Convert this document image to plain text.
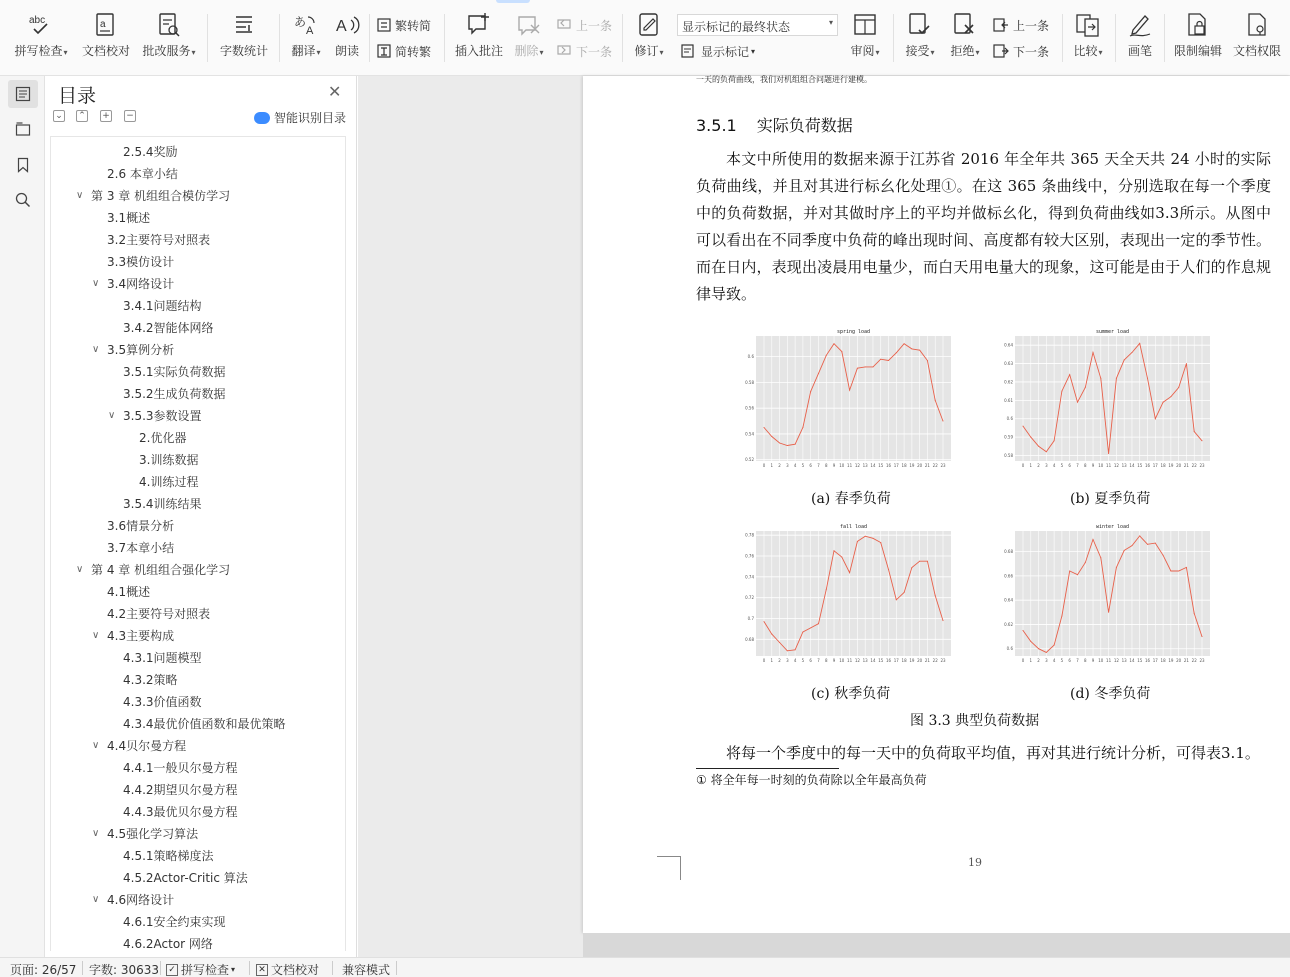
abc
拼写检查▾
a
文档校对 批改服务▾ 字数统计
あ
A
翻译▾
A
朗读
繁转简
简转繁 插入批注 删除▾
上一条
下一条 修订▾
显示标记的最终状态	▾
显示标记 ▾	审阅▾ 接受▾ 拒绝▾
上一条
下一条 比较▾ 画笔 限制编辑 文档权限
目录	✕
⌄ ⌃ + −	智能识别目录
2.5.4奖励
2.6 本章小结
∨ 第 3 章 机组组合模仿学习
3.1概述
3.2主要符号对照表
3.3模仿设计
∨ 3.4网络设计
3.4.1问题结构
3.4.2智能体网络
∨ 3.5算例分析
3.5.1实际负荷数据
3.5.2生成负荷数据
∨ 3.5.3参数设置
2.优化器
3.训练数据
4.训练过程
3.5.4训练结果
3.6情景分析
3.7本章小结
∨ 第 4 章 机组组合强化学习
4.1概述
4.2主要符号对照表
∨ 4.3主要构成
4.3.1问题模型
4.3.2策略
4.3.3价值函数
4.3.4最优价值函数和最优策略
∨ 4.4贝尔曼方程
4.4.1一般贝尔曼方程
4.4.2期望贝尔曼方程
4.4.3最优贝尔曼方程
∨ 4.5强化学习算法
4.5.1策略梯度法
4.5.2Actor-Critic 算法
∨ 4.6网络设计
4.6.1安全约束实现
4.6.2Actor 网络
一天的负荷曲线，我们对机组组合问题进行建模。
3.5.1 实际负荷数据
本文中所使用的数据来源于江苏省 2016 年全年共 365 天全天共 24 小时的实际负荷曲线，并且对其进行标幺化处理①。在这 365 条曲线中，分别选取在每一个季度中的负荷数据，并对其做时序上的平均并做标幺化，得到负荷曲线如3.3所示。从图中可以看出在不同季度中负荷的峰出现时间、高度都有较大区别，表现出一定的季节性。而在日内，表现出凌晨用电量少，而白天用电量大的现象，这可能是由于人们的作息规律导致。
0.52
0.54
0.56
0.58
0.6
0 1 2 3 4 5 6 7 8 9 10 11 12 13 14 15 16 17 18 19 20 21 22 23
spring load
0.58
0.59
0.6
0.61
0.62
0.63
0.64
0 1 2 3 4 5 6 7 8 9 10 11 12 13 14 15 16 17 18 19 20 21 22 23
summer load
0.68
0.7
0.72
0.74
0.76
0.78
0 1 2 3 4 5 6 7 8 9 10 11 12 13 14 15 16 17 18 19 20 21 22 23
fall load
0.6
0.62
0.64
0.66
0.68
0 1 2 3 4 5 6 7 8 9 10 11 12 13 14 15 16 17 18 19 20 21 22 23
winter load
(a) 春季负荷	(b) 夏季负荷
(c) 秋季负荷	(d) 冬季负荷
图 3.3 典型负荷数据
将每一个季度中的每一天中的负荷取平均值，再对其进行统计分析，可得表3.1。
① 将全年每一时刻的负荷除以全年最高负荷
19
页面: 26/57 字数: 30633 ✓ 拼写检查 ▾	✕ 文档校对 兼容模式
